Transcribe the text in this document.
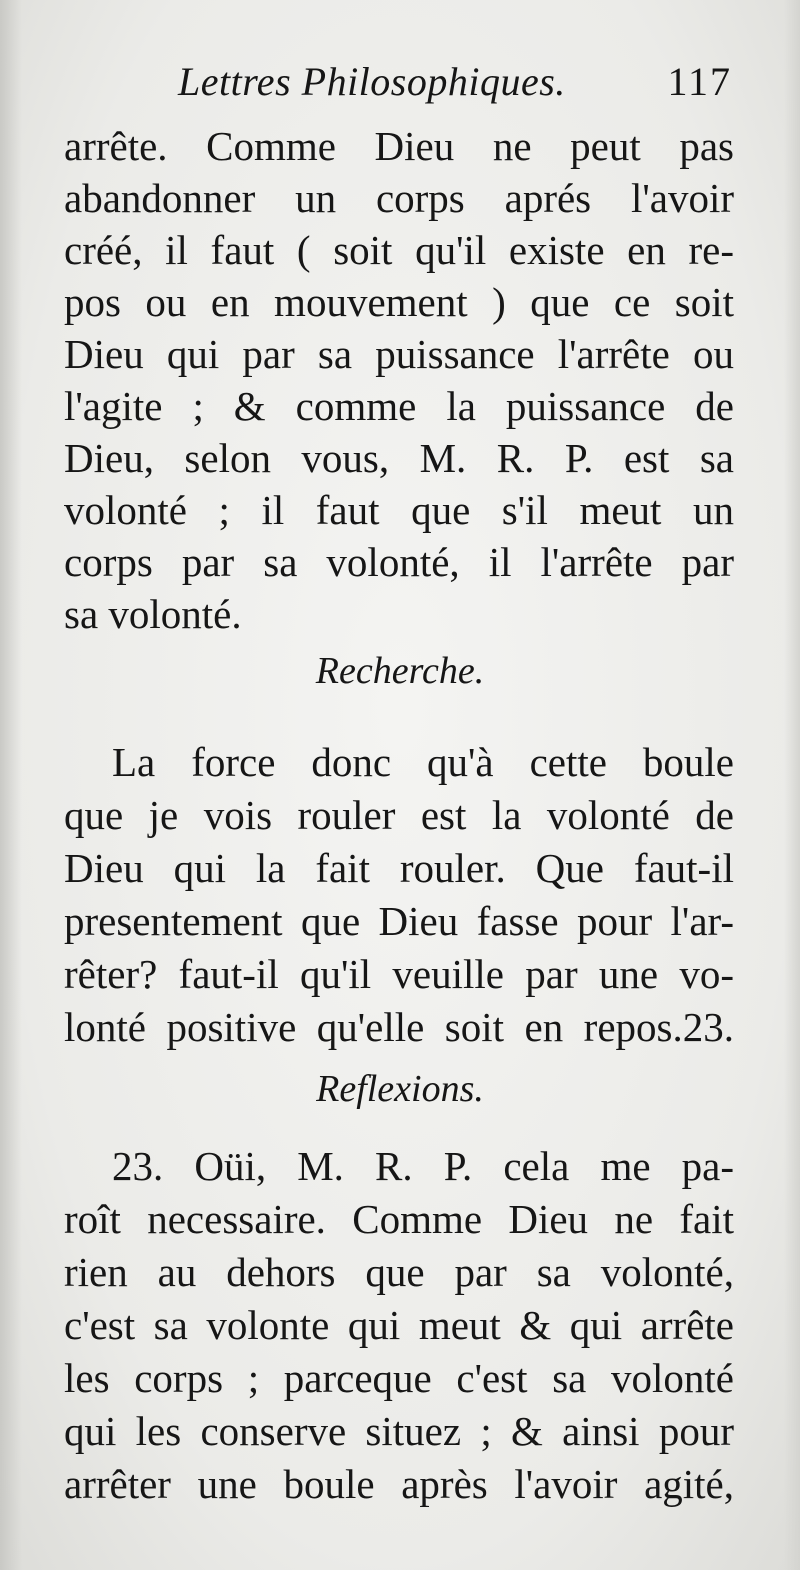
Lettres Philosophiques.	117
arrête. Comme Dieu ne peut pas
abandonner un corps aprés l'avoir
créé, il faut ( soit qu'il existe en re-
pos ou en mouvement ) que ce soit
Dieu qui par sa puissance l'arrête ou
l'agite ; & comme la puissance de
Dieu, selon vous, M. R. P. est sa
volonté ; il faut que s'il meut un
corps par sa volonté, il l'arrête par
sa volonté.
Recherche.
La force donc qu'à cette boule
que je vois rouler est la volonté de
Dieu qui la fait rouler. Que faut-il
presentement que Dieu fasse pour l'ar-
rêter? faut-il qu'il veuille par une vo-
lonté positive qu'elle soit en repos.23.
Reflexions.
23. Oüi, M. R. P. cela me pa-
roît necessaire. Comme Dieu ne fait
rien au dehors que par sa volonté,
c'est sa volonte qui meut & qui arrête
les corps ; parceque c'est sa volonté
qui les conserve situez ; & ainsi pour
arrêter une boule après l'avoir agité,
